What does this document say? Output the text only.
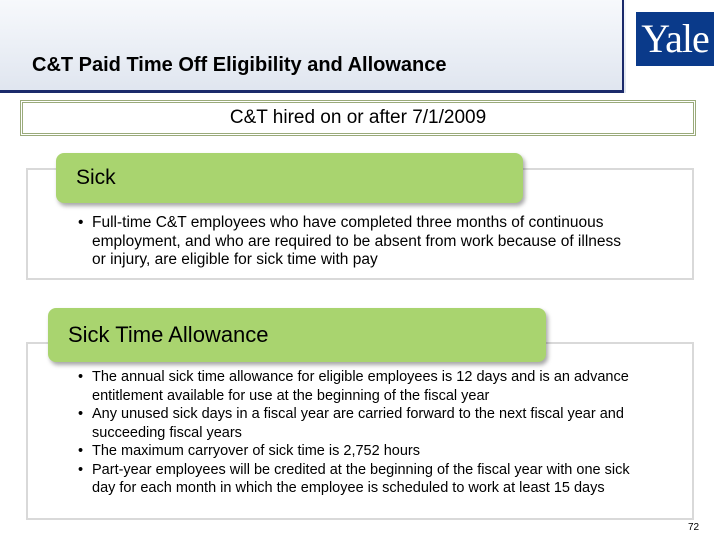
C&T Paid Time Off Eligibility and Allowance
Yale
C&T hired on or after 7/1/2009
• Full-time C&T employees who have completed three months of continuous employment, and who are required to be absent from work because of illness or injury, are eligible for sick time with pay
Sick
• The annual sick time allowance for eligible employees is 12 days and is an advance entitlement available for use at the beginning of the fiscal year
• Any unused sick days in a fiscal year are carried forward to the next fiscal year and succeeding fiscal years
• The maximum carryover of sick time is 2,752 hours
• Part-year employees will be credited at the beginning of the fiscal year with one sick day for each month in which the employee is scheduled to work at least 15 days
Sick Time Allowance
72
